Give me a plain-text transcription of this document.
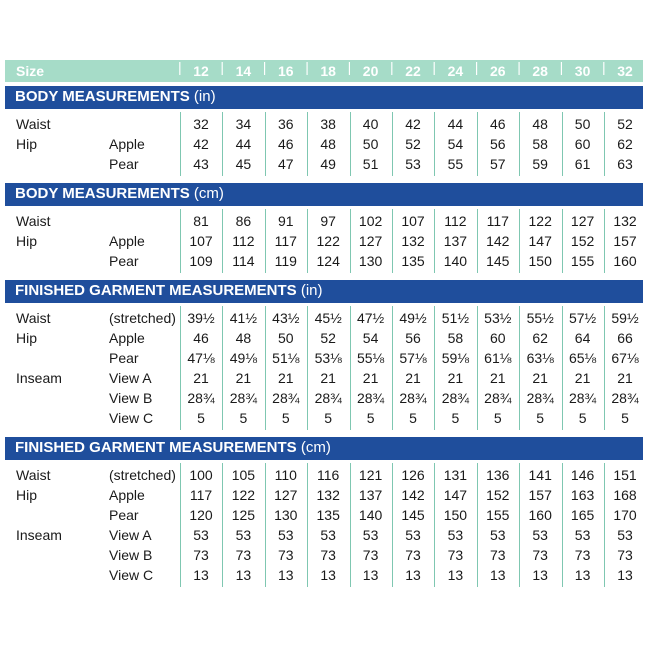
Size	| 12 | 14 | 16 | 18 | 20 | 22 | 24 | 26 | 28 | 30 | 32
BODY MEASUREMENTS (in)
Waist	32	34	36	38	40	42	44	46	48	50	52
Hip	Apple	42	44	46	48	50	52	54	56	58	60	62
Pear	43	45	47	49	51	53	55	57	59	61	63
BODY MEASUREMENTS (cm)
Waist	81	86	91	97	102	107	112	117	122	127	132
Hip	Apple	107	112	117	122	127	132	137	142	147	152	157
Pear	109	114	119	124	130	135	140	145	150	155	160
FINISHED GARMENT MEASUREMENTS (in)
Waist	(stretched) 39½	41½	43½	45½	47½	49½	51½	53½	55½	57½	59½
Hip	Apple	46	48	50	52	54	56	58	60	62	64	66
Pear	47⅛	49⅛	51⅛	53⅛	55⅛	57⅛	59⅛	61⅛	63⅛	65⅛	67⅛
Inseam	View A	21	21	21	21	21	21	21	21	21	21	21
View B	28¾	28¾	28¾	28¾	28¾	28¾	28¾	28¾	28¾	28¾	28¾
View C	5	5	5	5	5	5	5	5	5	5	5
FINISHED GARMENT MEASUREMENTS (cm)
Waist	(stretched) 100	105	110	116	121	126	131	136	141	146	151
Hip	Apple	117	122	127	132	137	142	147	152	157	163	168
Pear	120	125	130	135	140	145	150	155	160	165	170
Inseam	View A	53	53	53	53	53	53	53	53	53	53	53
View B	73	73	73	73	73	73	73	73	73	73	73
View C	13	13	13	13	13	13	13	13	13	13	13
